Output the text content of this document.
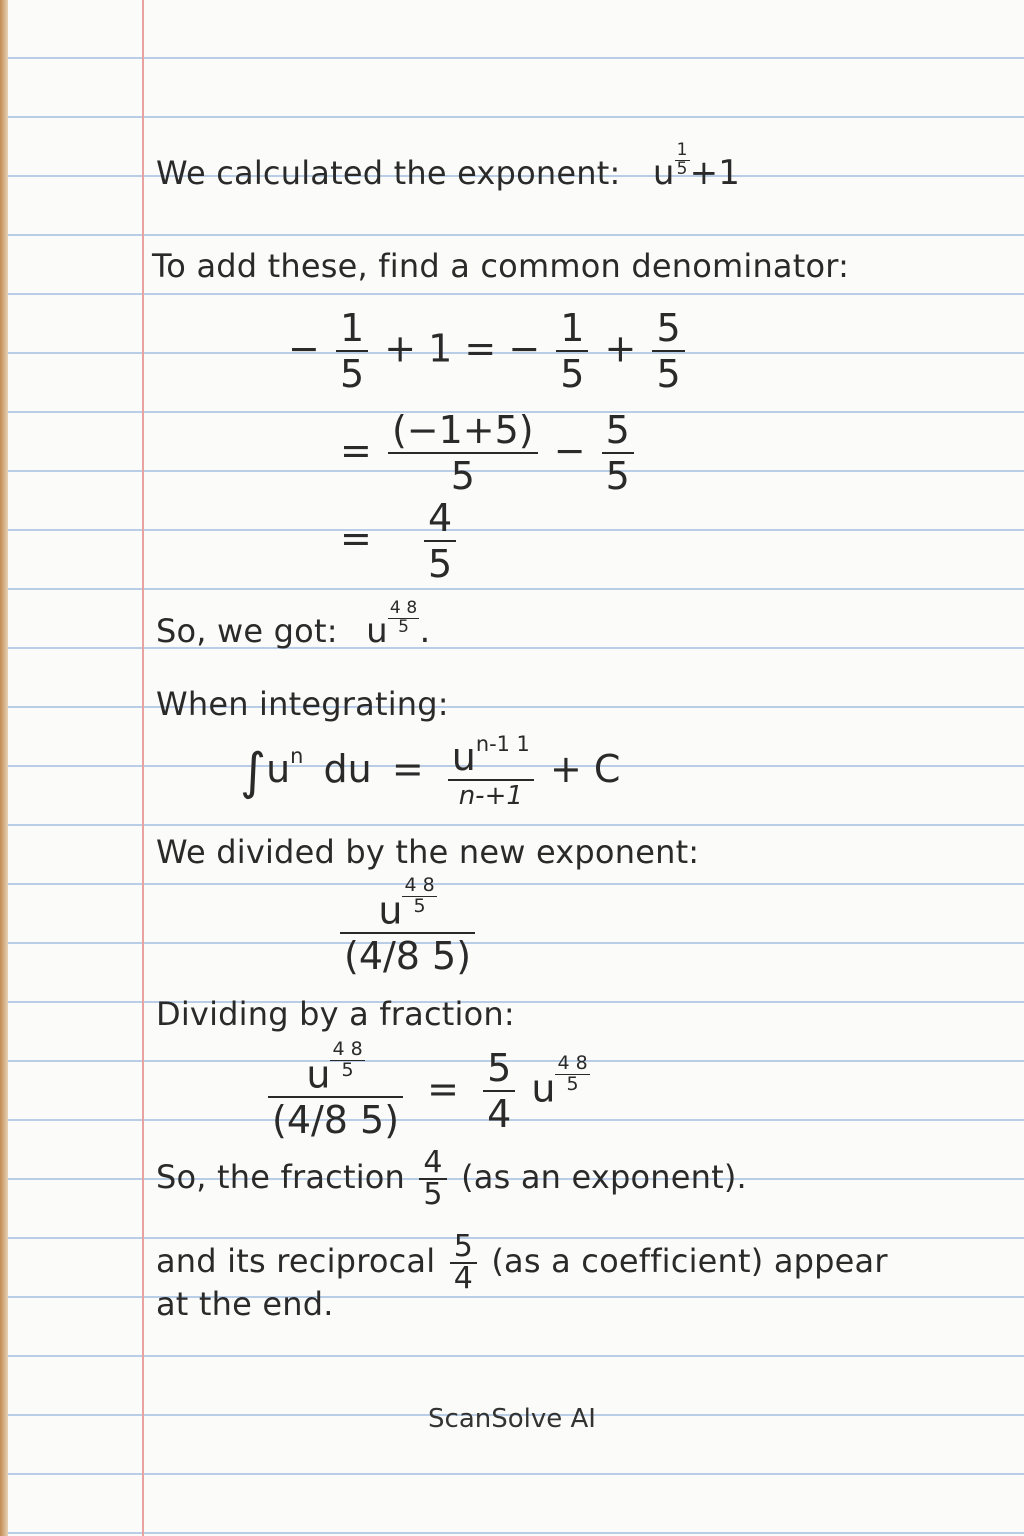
We calculated the exponent: u $\frac{1}{5} +1$
To add these, find a common denominator:
− $\frac{1}{5} + 1$ = − $\frac{1}{5} + \frac{5}{5}$
= $\frac{(-1+5)}{5} - \frac{5}{5}$
= $\frac{4}{5}$
So, we got: u $\frac{4 8}{5}$ .
When integrating:
$\int u^n$ du = $\frac{u^{n-1 1}}{n-+1} + C$
We divided by the new exponent:
$\frac{u \frac{4 8}{5}}{(4/8 5)}$
Dividing by a fraction:
$\frac{u \frac{4 8}{5}}{(4/8 5)} = \frac{5}{4}$ u $\frac{4 8}{5}$
So, the fraction $\frac{4}{5} (as$ an exponent).
and its reciprocal $\frac{5}{4} (as$ a coefficient) appear
at the end.
ScanSolve AI
